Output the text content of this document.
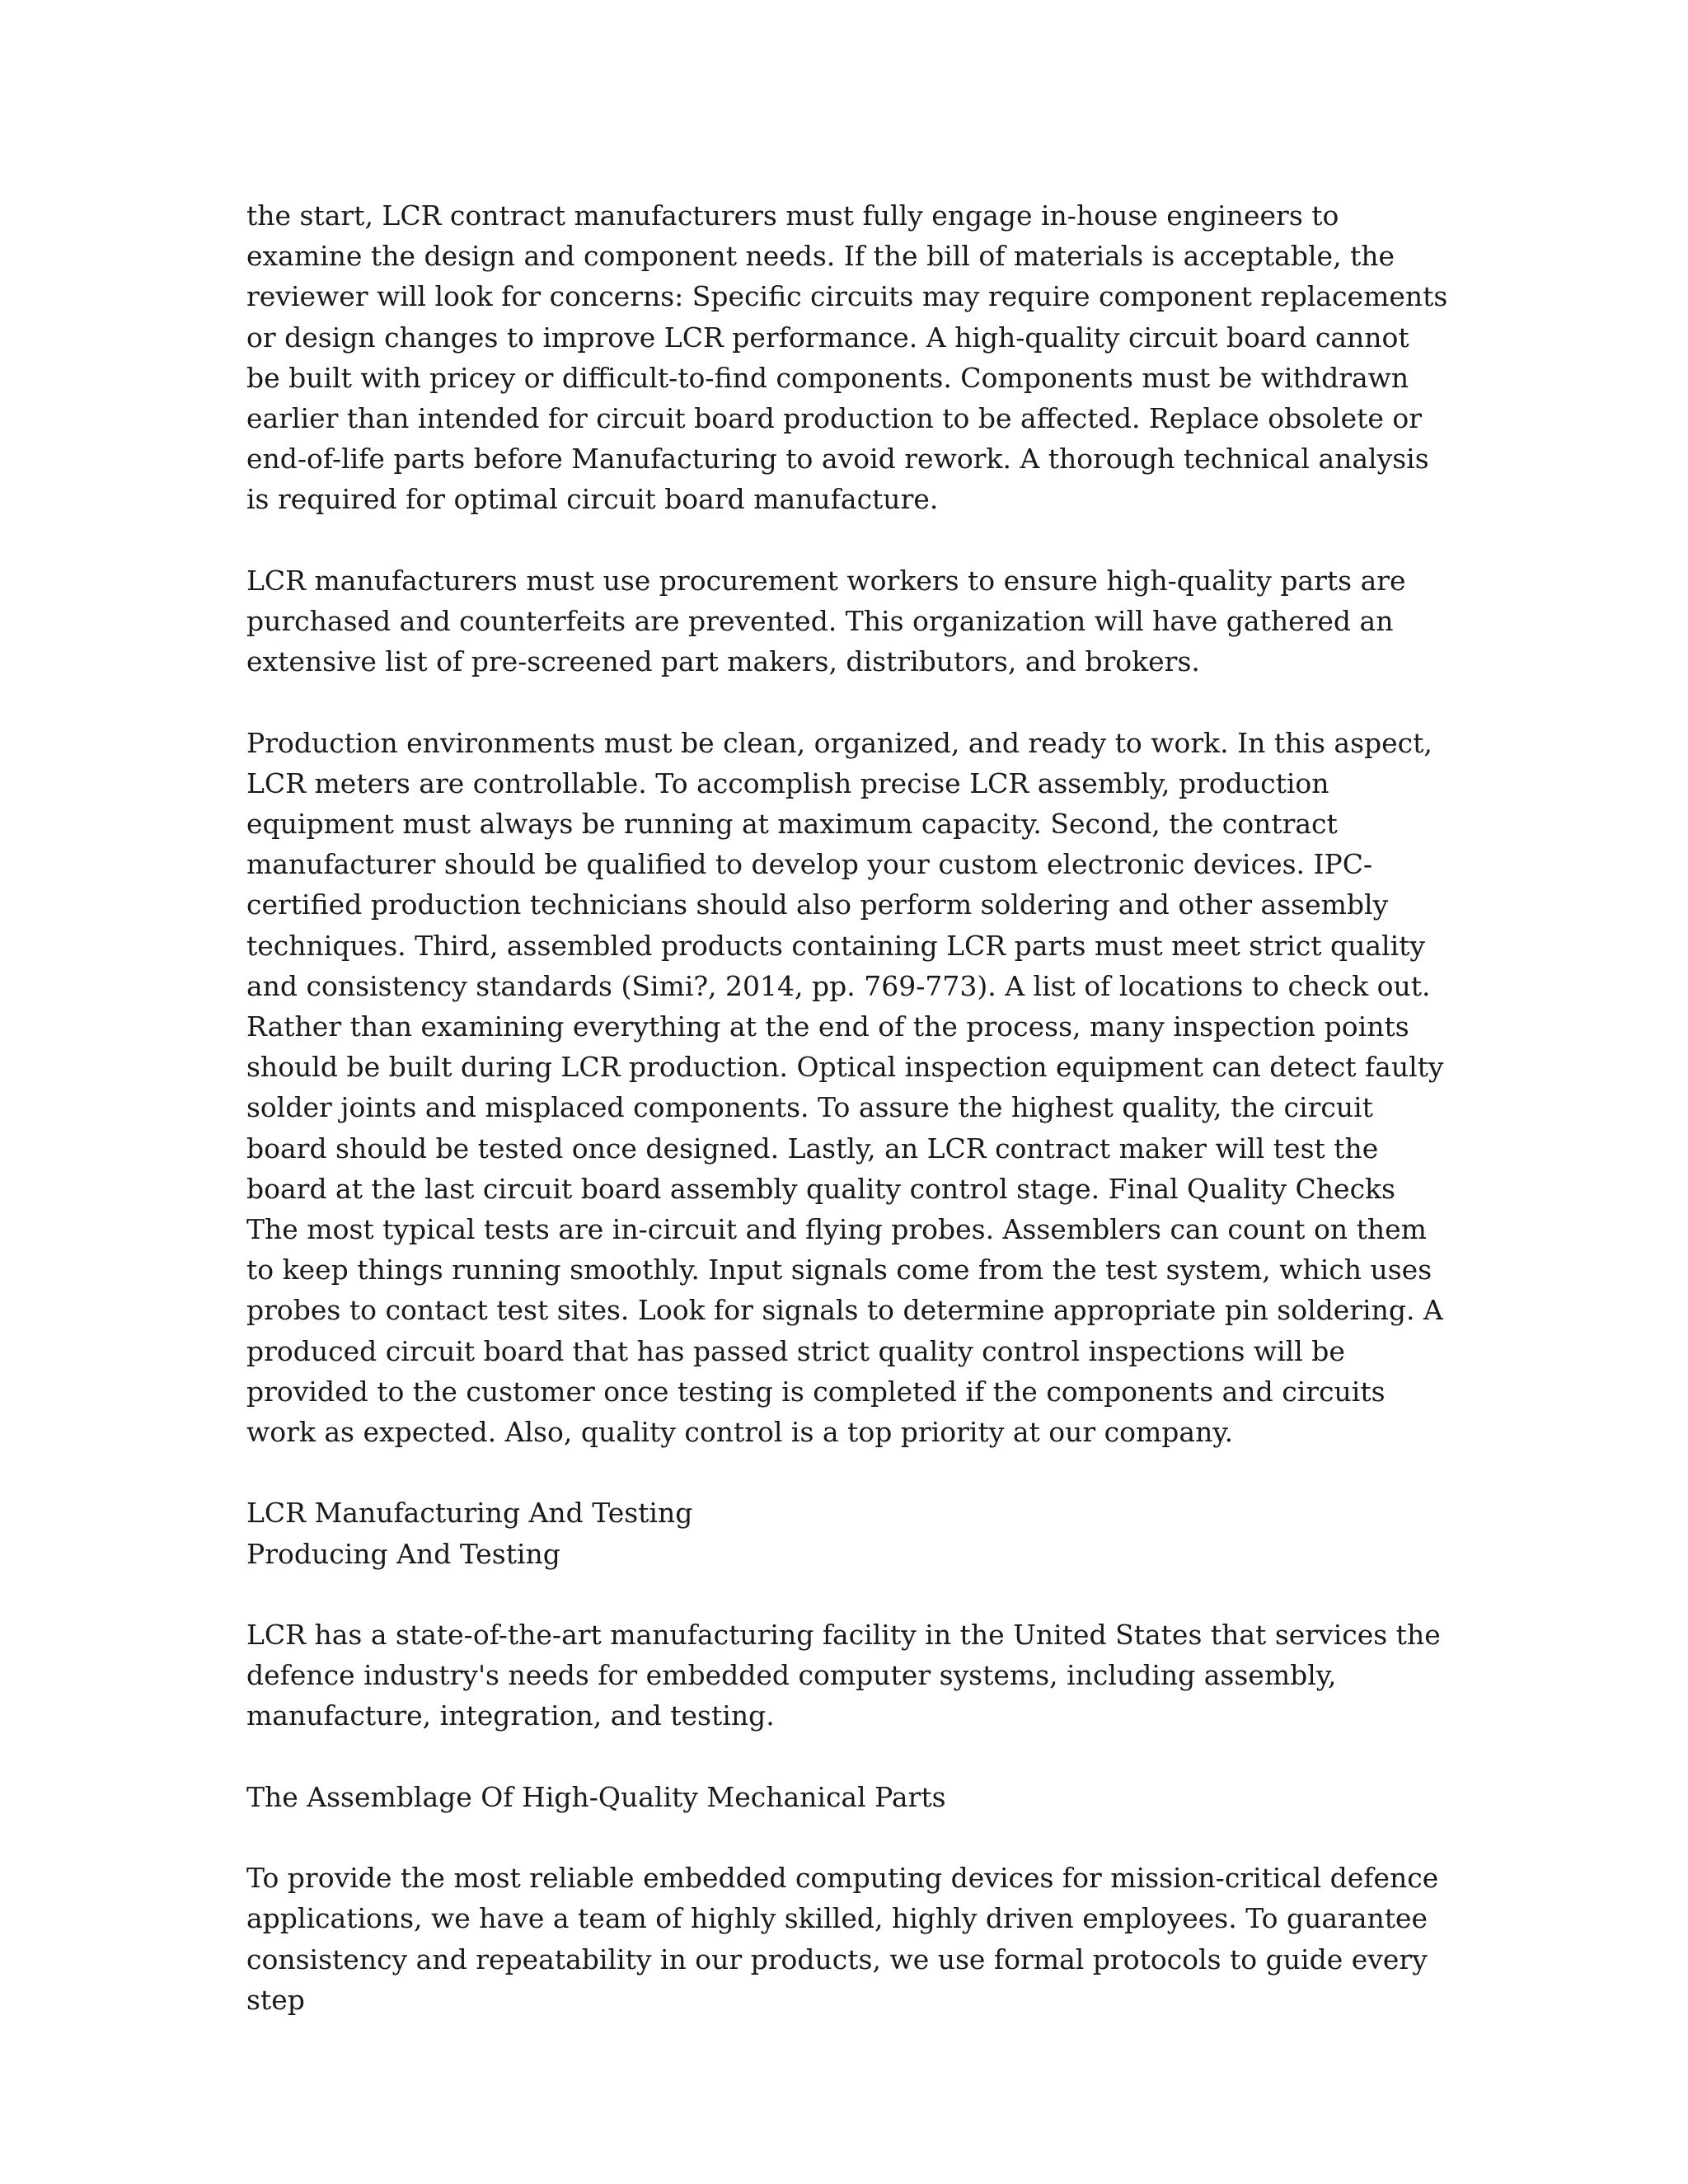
the start, LCR contract manufacturers must fully engage in-house engineers to examine the design and component needs. If the bill of materials is acceptable, the reviewer will look for concerns: Specific circuits may require component replacements or design changes to improve LCR performance. A high-quality circuit board cannot be built with pricey or difficult-to-find components. Components must be withdrawn earlier than intended for circuit board production to be affected. Replace obsolete or end-of-life parts before Manufacturing to avoid rework. A thorough technical analysis is required for optimal circuit board manufacture.

LCR manufacturers must use procurement workers to ensure high-quality parts are purchased and counterfeits are prevented. This organization will have gathered an extensive list of pre-screened part makers, distributors, and brokers.

Production environments must be clean, organized, and ready to work. In this aspect, LCR meters are controllable. To accomplish precise LCR assembly, production equipment must always be running at maximum capacity. Second, the contract manufacturer should be qualified to develop your custom electronic devices. IPC-certified production technicians should also perform soldering and other assembly techniques. Third, assembled products containing LCR parts must meet strict quality and consistency standards (Simi?, 2014, pp. 769-773). A list of locations to check out. Rather than examining everything at the end of the process, many inspection points should be built during LCR production. Optical inspection equipment can detect faulty solder joints and misplaced components. To assure the highest quality, the circuit board should be tested once designed. Lastly, an LCR contract maker will test the board at the last circuit board assembly quality control stage. Final Quality Checks The most typical tests are in-circuit and flying probes. Assemblers can count on them to keep things running smoothly. Input signals come from the test system, which uses probes to contact test sites. Look for signals to determine appropriate pin soldering. A produced circuit board that has passed strict quality control inspections will be provided to the customer once testing is completed if the components and circuits work as expected. Also, quality control is a top priority at our company.

LCR Manufacturing And Testing
Producing And Testing

LCR has a state-of-the-art manufacturing facility in the United States that services the defence industry's needs for embedded computer systems, including assembly, manufacture, integration, and testing.

The Assemblage Of High-Quality Mechanical Parts

To provide the most reliable embedded computing devices for mission-critical defence applications, we have a team of highly skilled, highly driven employees. To guarantee consistency and repeatability in our products, we use formal protocols to guide every step
